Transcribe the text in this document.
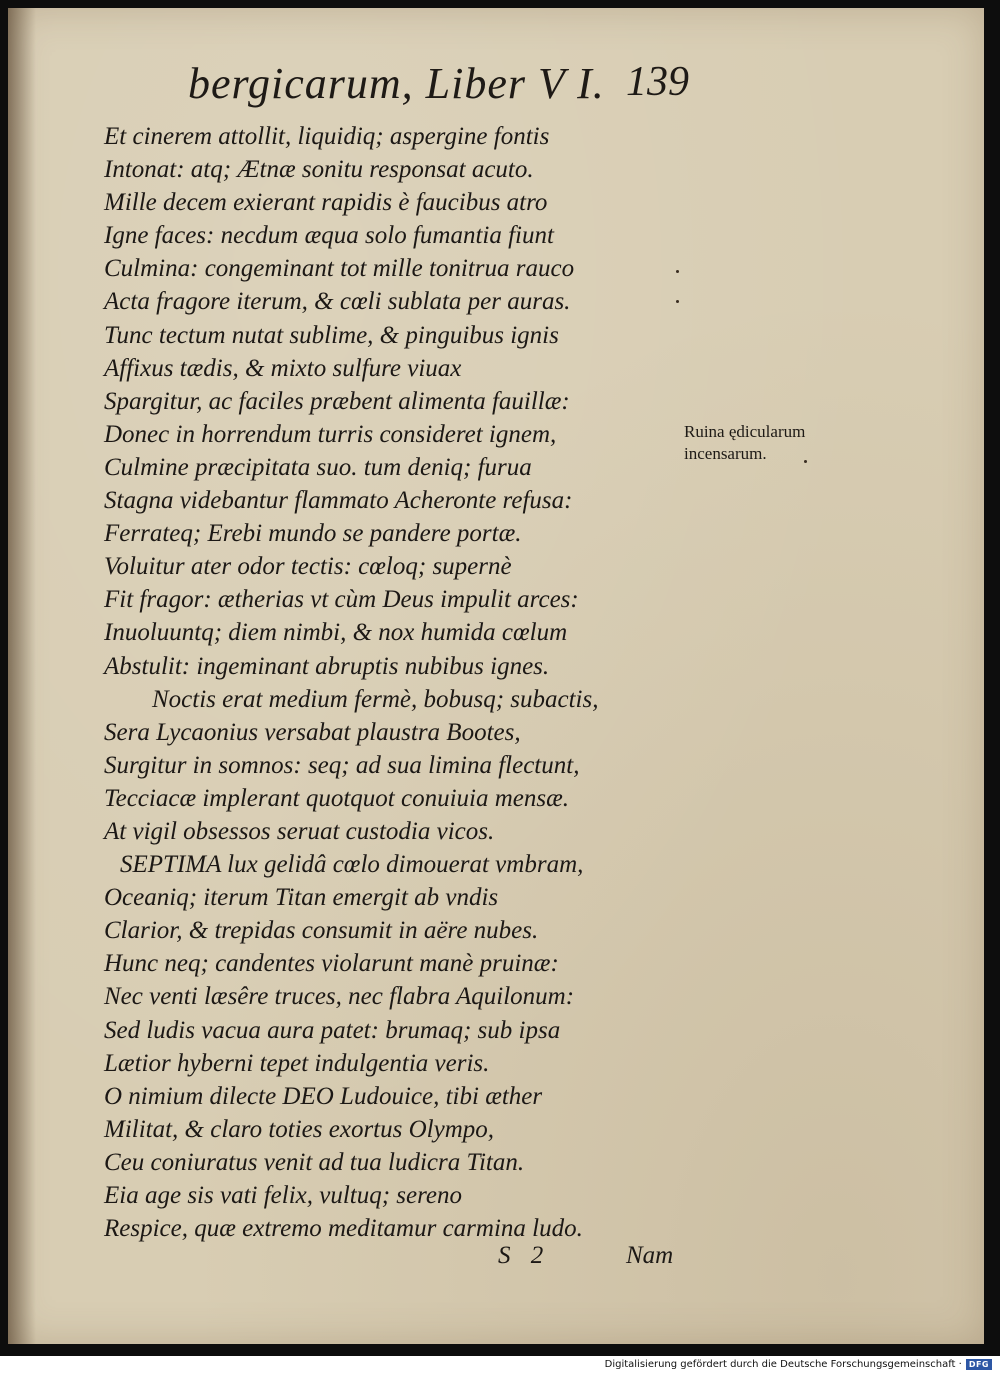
bergicarum, Liber V I. 139
Et cinerem attollit, liquidiq; aspergine fontis
Intonat: atq; Ætnæ sonitu responsat acuto.
Mille decem exierant rapidis è faucibus atro
Igne faces: necdum æqua solo fumantia fiunt
Culmina: congeminant tot mille tonitrua rauco
Acta fragore iterum, & cœli sublata per auras.
Tunc tectum nutat sublime, & pinguibus ignis
Affixus tædis, & mixto sulfure viuax
Spargitur, ac faciles præbent alimenta fauillæ:
Donec in horrendum turris consideret ignem,
Culmine præcipitata suo. tum deniq; furua
Stagna videbantur flammato Acheronte refusa:
Ferrateq; Erebi mundo se pandere portæ.
Voluitur ater odor tectis: cœloq; supernè
Fit fragor: ætherias vt cùm Deus impulit arces:
Inuoluuntq; diem nimbi, & nox humida cœlum
Abstulit: ingeminant abruptis nubibus ignes.
Noctis erat medium fermè, bobusq; subactis,
Sera Lycaonius versabat plaustra Bootes,
Surgitur in somnos: seq; ad sua limina flectunt,
Tecciacæ implerant quotquot conuiuia mensæ.
At vigil obsessos seruat custodia vicos.
SEPTIMA lux gelidâ cœlo dimouerat vmbram,
Oceaniq; iterum Titan emergit ab vndis
Clarior, & trepidas consumit in aëre nubes.
Hunc neq; candentes violarunt manè pruinæ:
Nec venti læsêre truces, nec flabra Aquilonum:
Sed ludis vacua aura patet: brumaq; sub ipsa
Lætior hyberni tepet indulgentia veris.
O nimium dilecte DEO Ludouice, tibi æther
Militat, & claro toties exortus Olympo,
Ceu coniuratus venit ad tua ludicra Titan.
Eia age sis vati felix, vultuq; sereno
Respice, quæ extremo meditamur carmina ludo.
Ruina ędicularum
incensarum.
S 2	Nam
Digitalisierung gefördert durch die Deutsche Forschungsgemeinschaft · DFG
